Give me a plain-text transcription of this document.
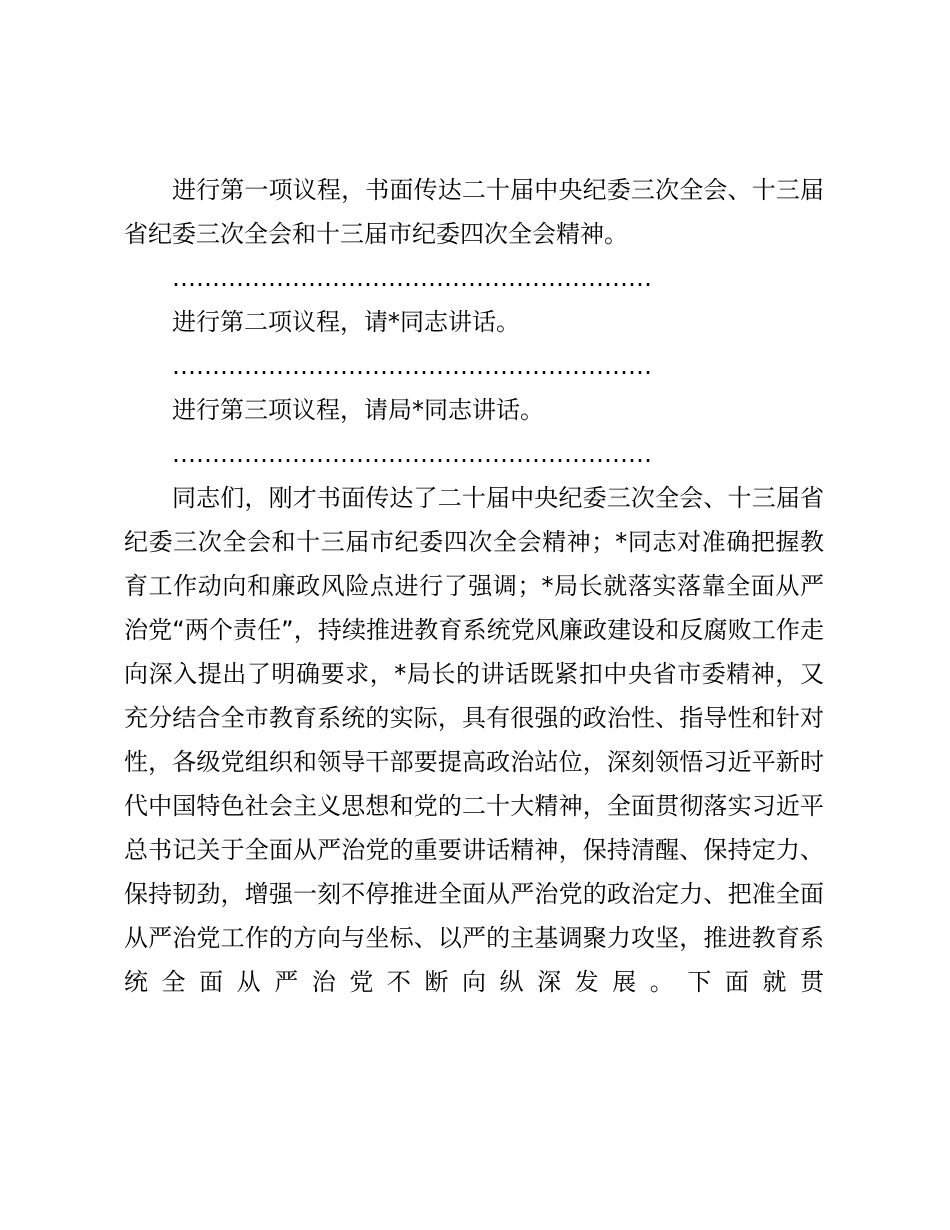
进行第一项议程，书面传达二十届中央纪委三次全会、十三届省纪委三次全会和十三届市纪委四次全会精神。

……………………………………………………

进行第二项议程，请*同志讲话。

……………………………………………………

进行第三项议程，请局*同志讲话。

……………………………………………………

同志们，刚才书面传达了二十届中央纪委三次全会、十三届省纪委三次全会和十三届市纪委四次全会精神；*同志对准确把握教育工作动向和廉政风险点进行了强调；*局长就落实落靠全面从严治党“两个责任”，持续推进教育系统党风廉政建设和反腐败工作走向深入提出了明确要求，*局长的讲话既紧扣中央省市委精神，又充分结合全市教育系统的实际，具有很强的政治性、指导性和针对性，各级党组织和领导干部要提高政治站位，深刻领悟习近平新时代中国特色社会主义思想和党的二十大精神，全面贯彻落实习近平总书记关于全面从严治党的重要讲话精神，保持清醒、保持定力、保持韧劲，增强一刻不停推进全面从严治党的政治定力、把准全面从严治党工作的方向与坐标、以严的主基调聚力攻坚，推进教育系统全面从严治党不断向纵深发展。下面就贯
